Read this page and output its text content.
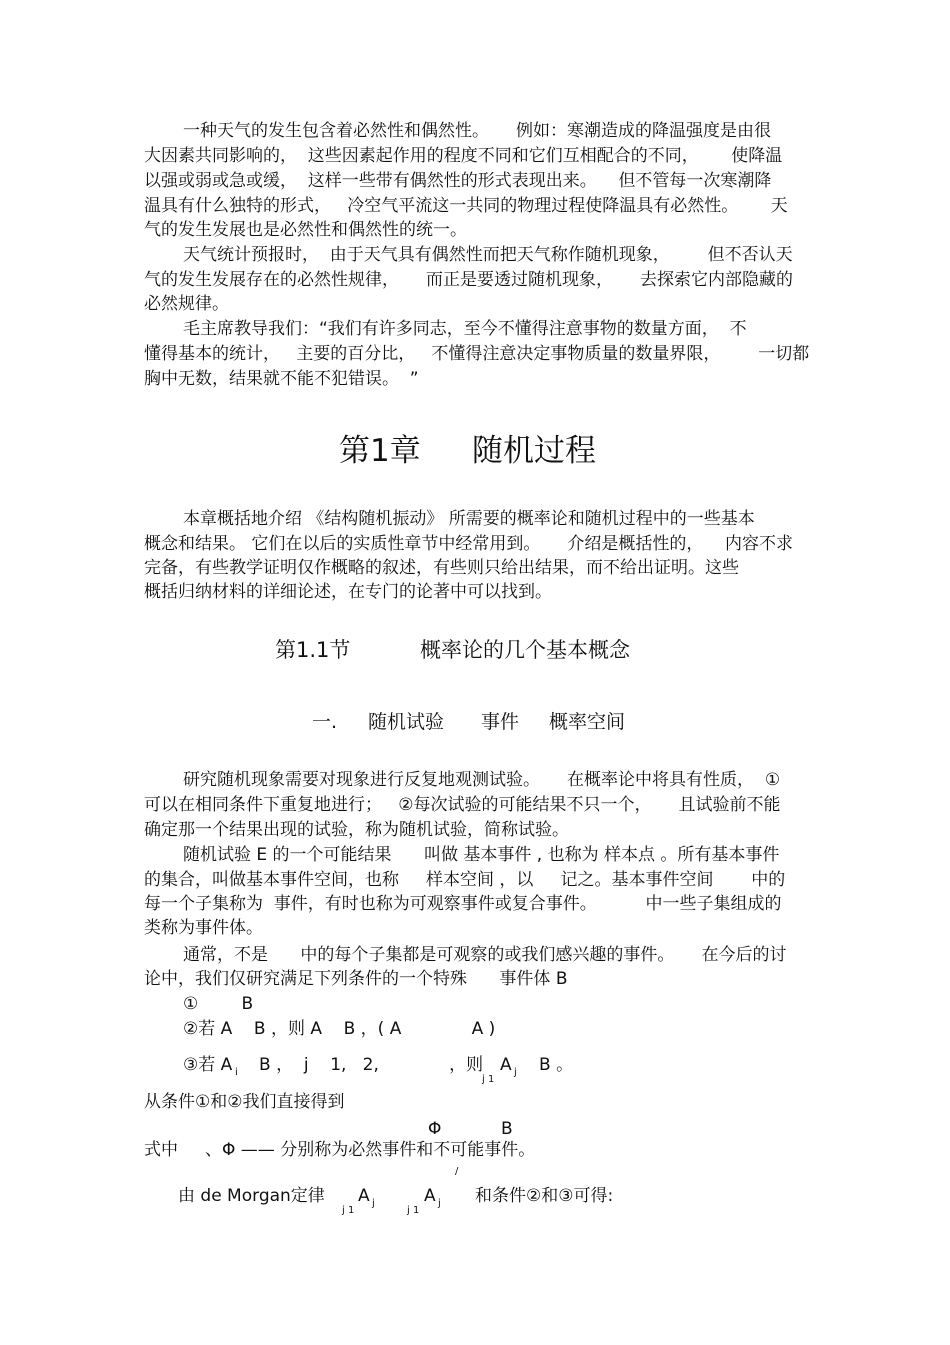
一种天气的发生包含着必然性和偶然性。     例如：寒潮造成的降温强度是由很
大因素共同影响的，  这些因素起作用的程度不同和它们互相配合的不同，      使降温
以强或弱或急或缓，  这样一些带有偶然性的形式表现出来。    但不管每一次寒潮降
温具有什么独特的形式，   冷空气平流这一共同的物理过程使降温具有必然性。      天
气的发生发展也是必然性和偶然性的统一。
天气统计预报时，  由于天气具有偶然性而把天气称作随机现象，       但不否认天
气的发生发展存在的必然性规律，     而正是要透过随机现象，     去探索它内部隐藏的
必然规律。
毛主席教导我们：“我们有许多同志，至今不懂得注意事物的数量方面，  不
懂得基本的统计，   主要的百分比，   不懂得注意决定事物质量的数量界限，       一切都
胸中无数，结果就不能不犯错误。  ”
第1章 随机过程
本章概括地介绍 《结构随机振动》 所需要的概率论和随机过程中的一些基本
概念和结果。 它们在以后的实质性章节中经常用到。     介绍是概括性的，    内容不求
完备，有些教学证明仅作概略的叙述，有些则只给出结果，而不给出证明。这些
概括归纳材料的详细论述，在专门的论著中可以找到。
第1.1节	概率论的几个基本概念
一. 随机试验 事件 概率空间
研究随机现象需要对现象进行反复地观测试验。     在概率论中将具有性质，  ①
可以在相同条件下重复地进行；   ②每次试验的可能结果不只一个，     且试验前不能
确定那一个结果出现的试验，称为随机试验，简称试验。
随机试验 E 的一个可能结果      叫做 基本事件 , 也称为 样本点 。所有基本事件
的集合，叫做基本事件空间，也称     样本空间 ，以     记之。基本事件空间       中的
每一个子集称为  事件，有时也称为可观察事件或复合事件。         中一些子集组成的
类称为事件体。
通常，不是      中的每个子集都是可观察的或我们感兴趣的事件。     在今后的讨
论中，我们仅研究满足下列条件的一个特殊      事件体 B
①        B
②若 A    B ，则 A    B ，( A             A )
③若 A i B ，  j    1,   2,             ，则
j 1
A j B 。
从条件①和②我们直接得到
Φ	B
式中     、Φ —— 分别称为必然事件和不可能事件。
/
由 de Morgan定律
j 1
A j
j 1
A j 和条件②和③可得:
